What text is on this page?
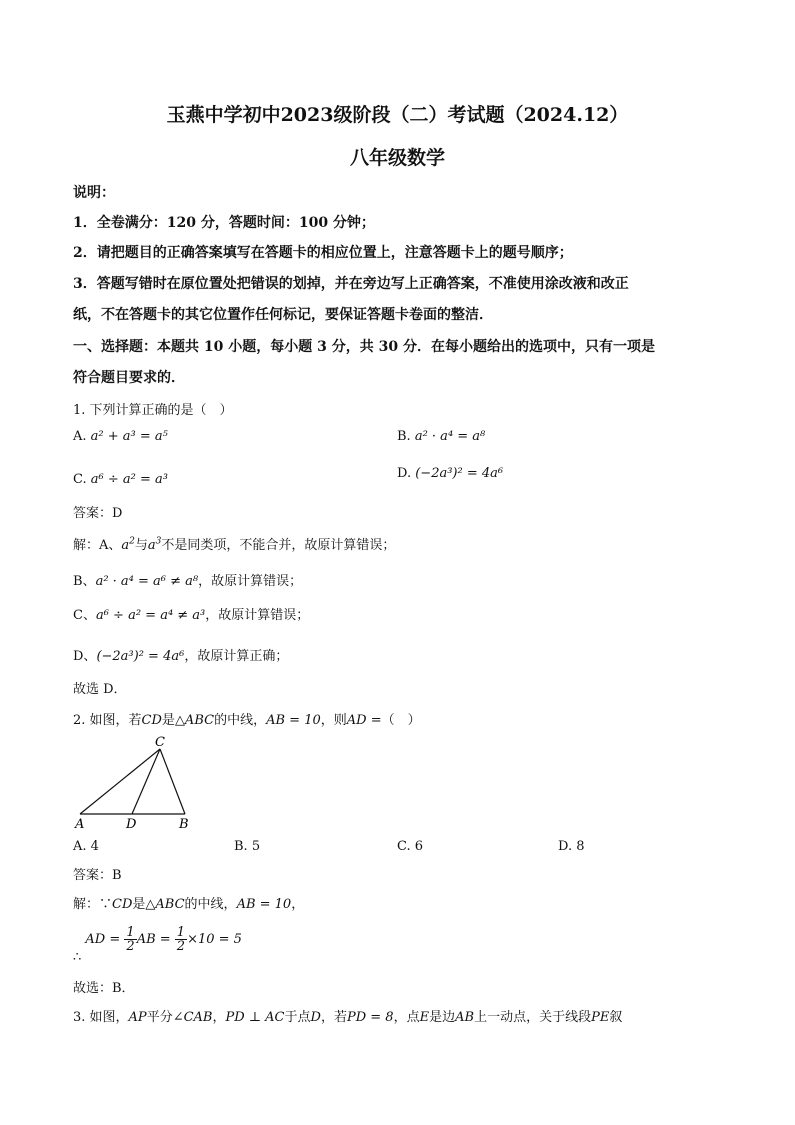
玉燕中学初中2023级阶段（二）考试题（2024.12）
八年级数学
说明：
1．全卷满分：120 分，答题时间：100 分钟；
2．请把题目的正确答案填写在答题卡的相应位置上，注意答题卡上的题号顺序；
3．答题写错时在原位置处把错误的划掉，并在旁边写上正确答案，不准使用涂改液和改正
纸，不在答题卡的其它位置作任何标记，要保证答题卡卷面的整洁．
一、选择题：本题共 10 小题，每小题 3 分，共 30 分．在每小题给出的选项中，只有一项是
符合题目要求的．
1. 下列计算正确的是（　）
A. a² + a³ = a⁵	B. a² · a⁴ = a⁸
C. a⁶ ÷ a² = a³	D. (−2a³)² = 4a⁶
答案：D
解：A、$a^2$与$a^3$不是同类项，不能合并，故原计算错误；
B、a² · a⁴ = a⁶ ≠ a⁸，故原计算错误；
C、a⁶ ÷ a² = a⁴ ≠ a³，故原计算错误；
D、(−2a³)² = 4a⁶，故原计算正确；
故选 D．
2. 如图，若CD是△ABC的中线，AB = 10，则AD =（　）
C
A	D	B
A. 4	B. 5	C. 6	D. 8
答案：B
解：∵CD是△ABC的中线，AB = 10，
∴ AD = $\frac{1}{2}$ AB = $\frac{1}{2} \times 10 = 5$
故选：B．
3. 如图，AP平分∠CAB，PD ⊥ AC于点D，若PD = 8，点E是边AB上一动点，关于线段PE叙
